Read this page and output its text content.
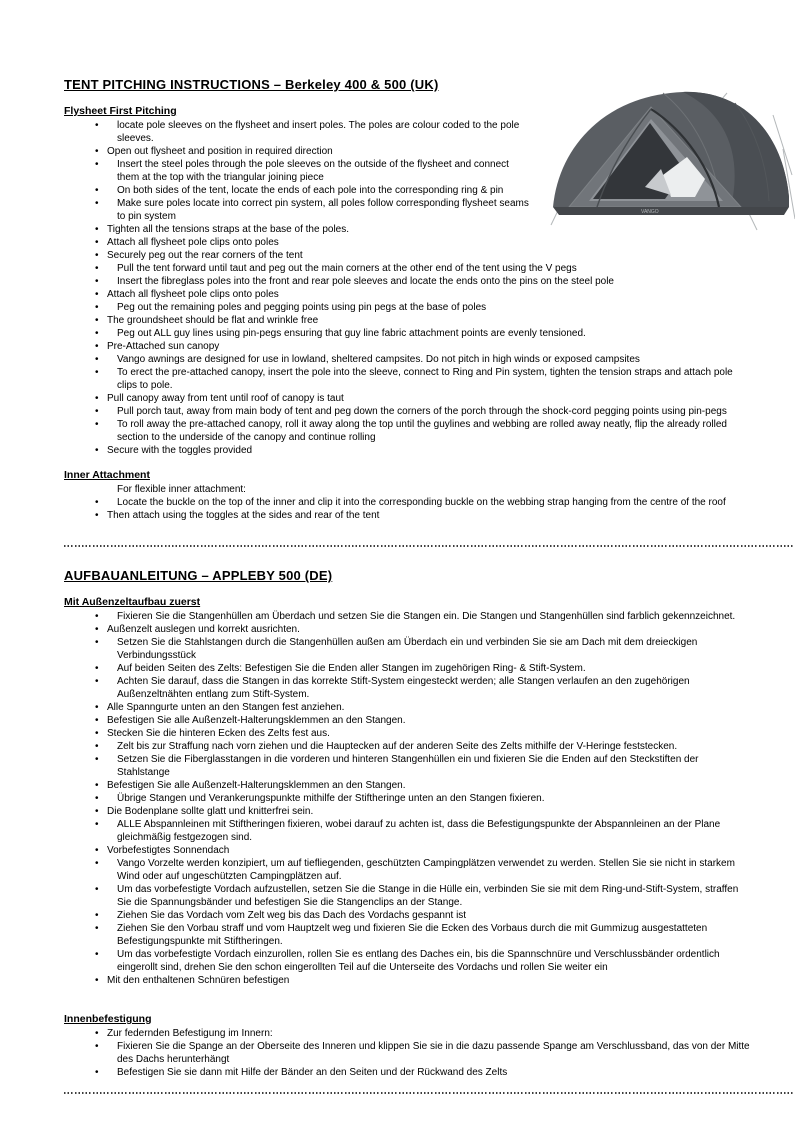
VANGO
TENT PITCHING INSTRUCTIONS – Berkeley 400 & 500 (UK)
Flysheet First Pitching
• locate pole sleeves on the flysheet and insert poles. The poles are colour coded to the pole sleeves.
• Open out flysheet and position in required direction
• Insert the steel poles through the pole sleeves on the outside of the flysheet and connect them at the top with the triangular joining piece
• On both sides of the tent, locate the ends of each pole into the corresponding ring & pin
• Make sure poles locate into correct pin system, all poles follow corresponding flysheet seams to pin system
• Tighten all the tensions straps at the base of the poles.
• Attach all flysheet pole clips onto poles
• Securely peg out the rear corners of the tent
• Pull the tent forward until taut and peg out the main corners at the other end of the tent using the V pegs
• Insert the fibreglass poles into the front and rear pole sleeves and locate the ends onto the pins on the steel pole
• Attach all flysheet pole clips onto poles
• Peg out the remaining poles and pegging points using pin pegs at the base of poles
• The groundsheet should be flat and wrinkle free
• Peg out ALL guy lines using pin-pegs ensuring that guy line fabric attachment points are evenly tensioned.
• Pre-Attached sun canopy
• Vango awnings are designed for use in lowland, sheltered campsites. Do not pitch in high winds or exposed campsites
• To erect the pre-attached canopy, insert the pole into the sleeve, connect to Ring and Pin system, tighten the tension straps and attach pole clips to pole.
• Pull canopy away from tent until roof of canopy is taut
• Pull porch taut, away from main body of tent and peg down the corners of the porch through the shock-cord pegging points using pin-pegs
• To roll away the pre-attached canopy, roll it away along the top until the guylines and webbing are rolled away neatly, flip the already rolled section to the underside of the canopy and continue rolling
• Secure with the toggles provided
Inner Attachment
For flexible inner attachment:
• Locate the buckle on the top of the inner and clip it into the corresponding buckle on the webbing strap hanging from the centre of the roof
• Then attach using the toggles at the sides and rear of the tent
AUFBAUANLEITUNG – APPLEBY 500 (DE)
Mit Außenzeltaufbau zuerst
• Fixieren Sie die Stangenhüllen am Überdach und setzen Sie die Stangen ein. Die Stangen und Stangenhüllen sind farblich gekennzeichnet.
• Außenzelt auslegen und korrekt ausrichten.
• Setzen Sie die Stahlstangen durch die Stangenhüllen außen am Überdach ein und verbinden Sie sie am Dach mit dem dreieckigen Verbindungsstück
• Auf beiden Seiten des Zelts: Befestigen Sie die Enden aller Stangen im zugehörigen Ring- & Stift-System.
• Achten Sie darauf, dass die Stangen in das korrekte Stift-System eingesteckt werden; alle Stangen verlaufen an den zugehörigen Außenzeltnähten entlang zum Stift-System.
• Alle Spanngurte unten an den Stangen fest anziehen.
• Befestigen Sie alle Außenzelt-Halterungsklemmen an den Stangen.
• Stecken Sie die hinteren Ecken des Zelts fest aus.
• Zelt bis zur Straffung nach vorn ziehen und die Hauptecken auf der anderen Seite des Zelts mithilfe der V-Heringe feststecken.
• Setzen Sie die Fiberglasstangen in die vorderen und hinteren Stangenhüllen ein und fixieren Sie die Enden auf den Steckstiften der Stahlstange
• Befestigen Sie alle Außenzelt-Halterungsklemmen an den Stangen.
• Übrige Stangen und Verankerungspunkte mithilfe der Stiftheringe unten an den Stangen fixieren.
• Die Bodenplane sollte glatt und knitterfrei sein.
• ALLE Abspannleinen mit Stiftheringen fixieren, wobei darauf zu achten ist, dass die Befestigungspunkte der Abspannleinen an der Plane gleichmäßig festgezogen sind.
• Vorbefestigtes Sonnendach
• Vango Vorzelte werden konzipiert, um auf tiefliegenden, geschützten Campingplätzen verwendet zu werden. Stellen Sie sie nicht in starkem Wind oder auf ungeschützten Campingplätzen auf.
• Um das vorbefestigte Vordach aufzustellen, setzen Sie die Stange in die Hülle ein, verbinden Sie sie mit dem Ring-und-Stift-System, straffen Sie die Spannungsbänder und befestigen Sie die Stangenclips an der Stange.
• Ziehen Sie das Vordach vom Zelt weg bis das Dach des Vordachs gespannt ist
• Ziehen Sie den Vorbau straff und vom Hauptzelt weg und fixieren Sie die Ecken des Vorbaus durch die mit Gummizug ausgestatteten Befestigungspunkte mit Stiftheringen.
• Um das vorbefestigte Vordach einzurollen, rollen Sie es entlang des Daches ein, bis die Spannschnüre und Verschlussbänder ordentlich eingerollt sind, drehen Sie den schon eingerollten Teil auf die Unterseite des Vordachs und rollen Sie weiter ein
• Mit den enthaltenen Schnüren befestigen
Innenbefestigung
• Zur federnden Befestigung im Innern:
• Fixieren Sie die Spange an der Oberseite des Inneren und klippen Sie sie in die dazu passende Spange am Verschlussband, das von der Mitte des Dachs herunterhängt
• Befestigen Sie sie dann mit Hilfe der Bänder an den Seiten und der Rückwand des Zelts
